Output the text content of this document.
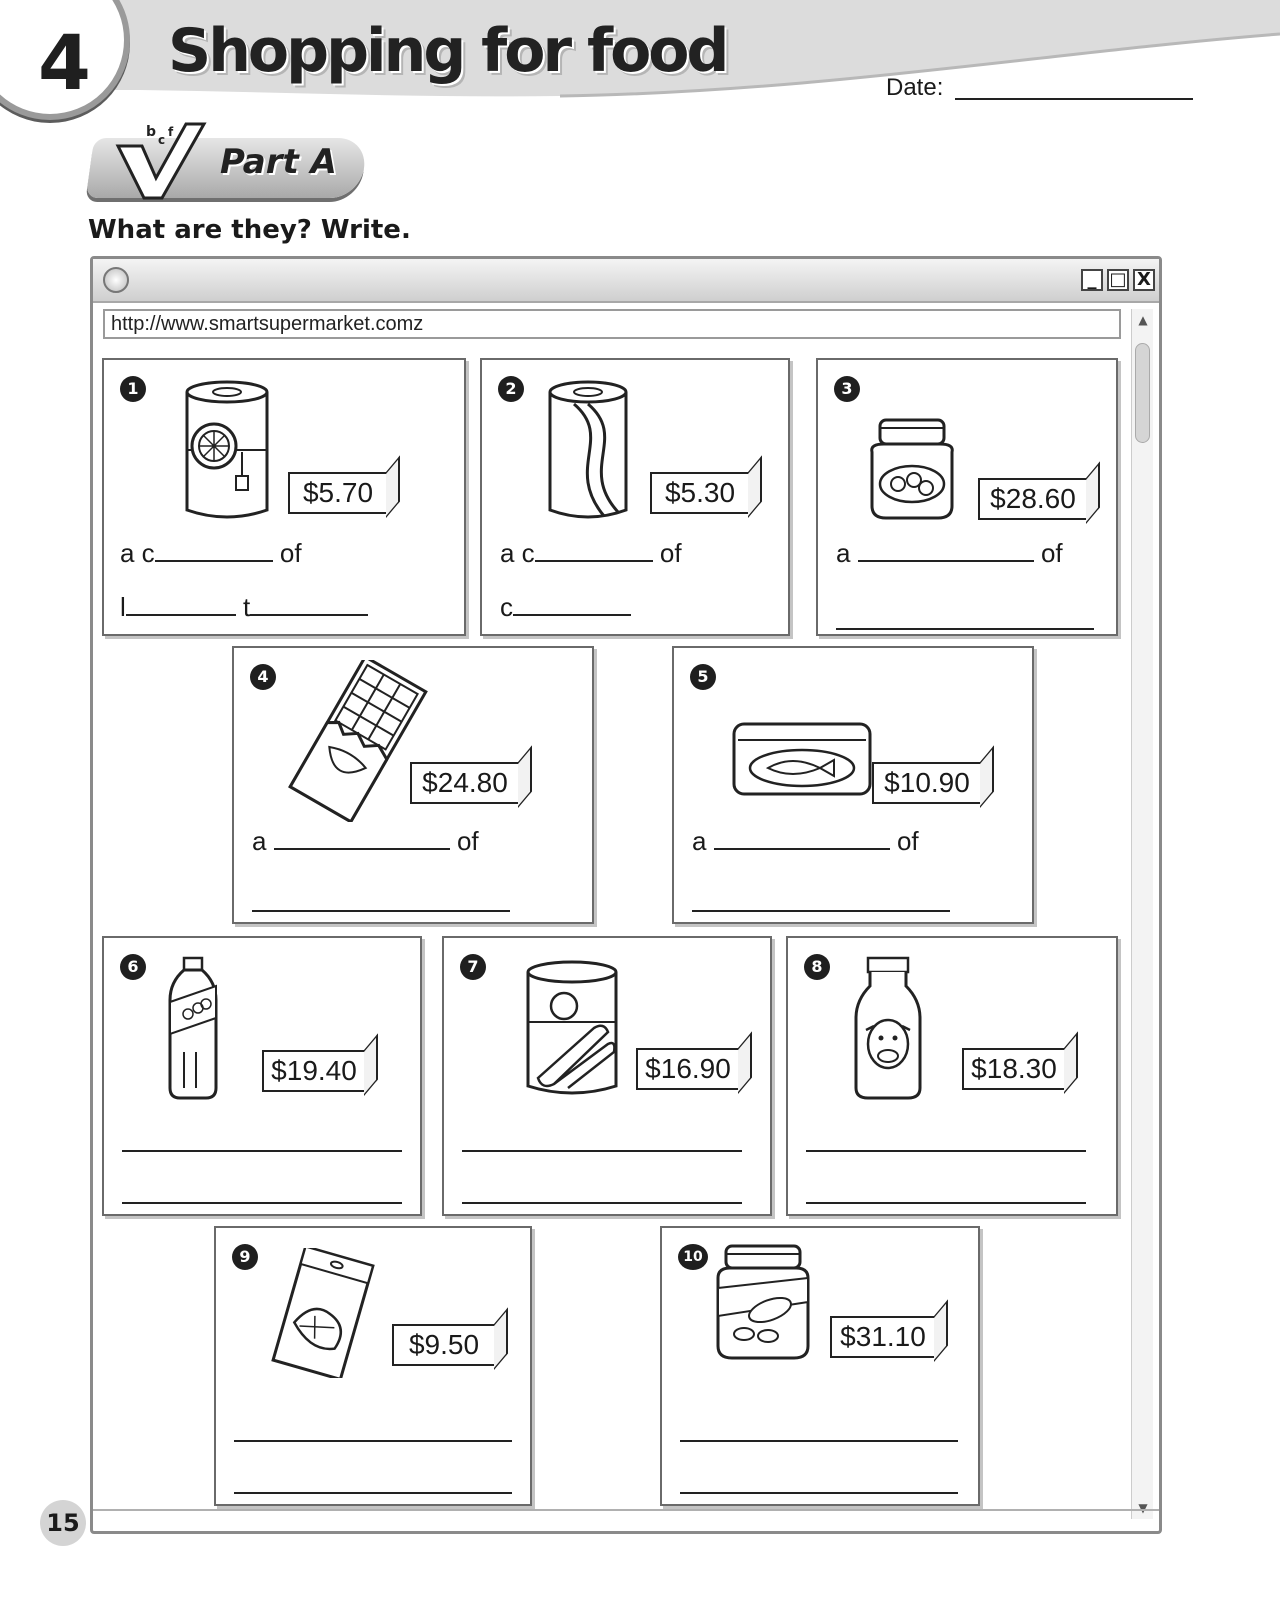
4 Shopping for food
Date:
b c
f
Part A
What are they? Write.
_ □ X
http://www.smartsupermarket.comz	▲
▼
1
$5.70
a c	of
l	t
2
$5.30
a c	of
c
3
$28.60
a	of
4
$24.80
a	of
5
$10.90
a	of
6
$19.40
7
$16.90
8
$18.30
9
$9.50
10
$31.10
15
